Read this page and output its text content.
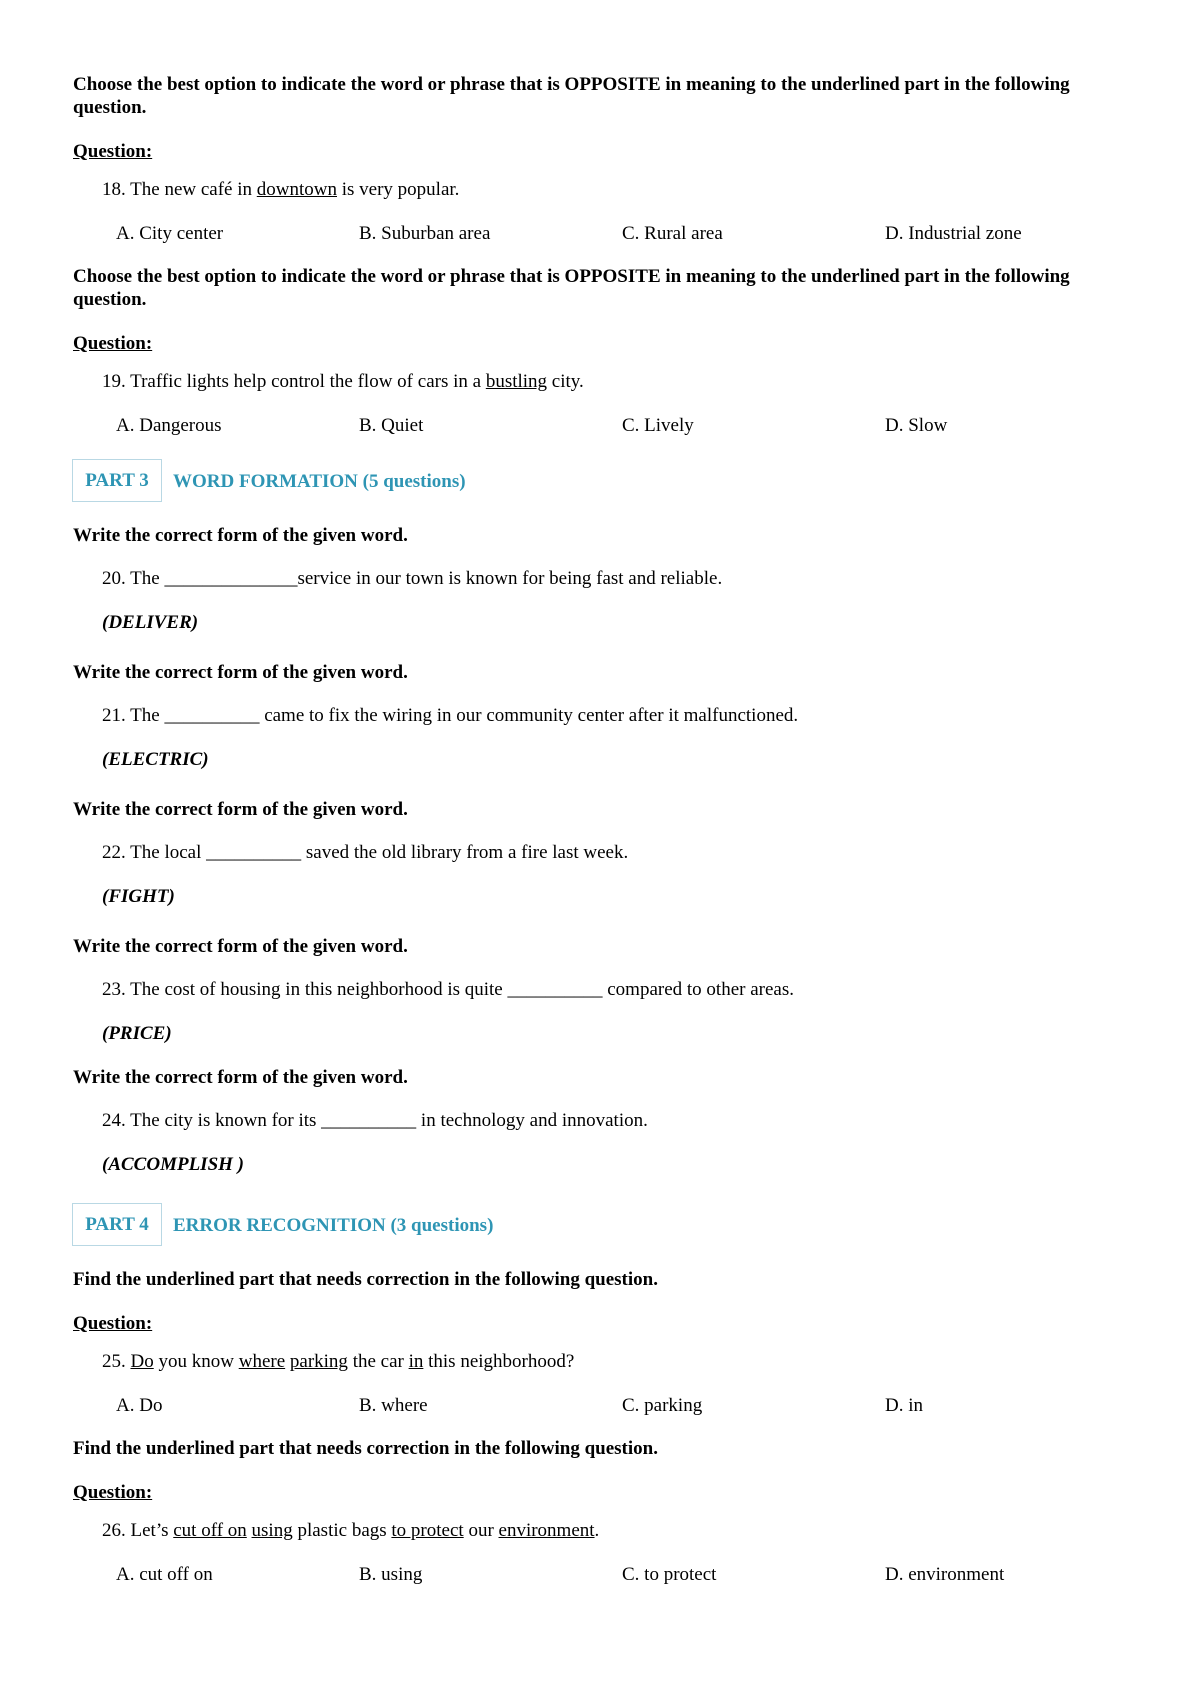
Choose the best option to indicate the word or phrase that is OPPOSITE in meaning to the underlined part in the following question.
Question:
18. The new café in downtown is very popular.
A. City center	B. Suburban area	C. Rural area	D. Industrial zone
Choose the best option to indicate the word or phrase that is OPPOSITE in meaning to the underlined part in the following question.
Question:
19. Traffic lights help control the flow of cars in a bustling city.
A. Dangerous	B. Quiet	C. Lively	D. Slow
PART 3	WORD FORMATION (5 questions)
Write the correct form of the given word.
20. The ______________service in our town is known for being fast and reliable.
(DELIVER)
Write the correct form of the given word.
21. The __________ came to fix the wiring in our community center after it malfunctioned.
(ELECTRIC)
Write the correct form of the given word.
22. The local __________ saved the old library from a fire last week.
(FIGHT)
Write the correct form of the given word.
23. The cost of housing in this neighborhood is quite __________ compared to other areas.
(PRICE)
Write the correct form of the given word.
24. The city is known for its __________ in technology and innovation.
(ACCOMPLISH )
PART 4	ERROR RECOGNITION (3 questions)
Find the underlined part that needs correction in the following question.
Question:
25. Do you know where parking the car in this neighborhood?
A. Do	B. where	C. parking	D. in
Find the underlined part that needs correction in the following question.
Question:
26. Let’s cut off on using plastic bags to protect our environment.
A. cut off on	B. using	C. to protect	D. environment
